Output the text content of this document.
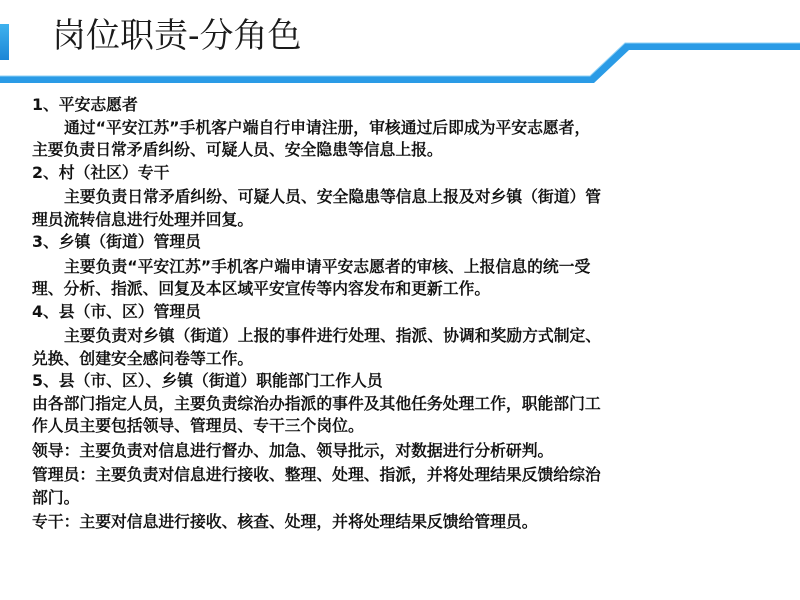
岗位职责-分角色
1、平安志愿者
通过“平安江苏”手机客户端自行申请注册，审核通过后即成为平安志愿者，
主要负责日常矛盾纠纷、可疑人员、安全隐患等信息上报。
2、村（社区）专干
主要负责日常矛盾纠纷、可疑人员、安全隐患等信息上报及对乡镇（街道）管
理员流转信息进行处理并回复。
3、乡镇（街道）管理员
主要负责“平安江苏”手机客户端申请平安志愿者的审核、上报信息的统一受
理、分析、指派、回复及本区域平安宣传等内容发布和更新工作。
4、县（市、区）管理员
主要负责对乡镇（街道）上报的事件进行处理、指派、协调和奖励方式制定、
兑换、创建安全感问卷等工作。
5、县（市、区）、乡镇（街道）职能部门工作人员
由各部门指定人员，主要负责综治办指派的事件及其他任务处理工作，职能部门工
作人员主要包括领导、管理员、专干三个岗位。
领导：主要负责对信息进行督办、加急、领导批示，对数据进行分析研判。
管理员：主要负责对信息进行接收、整理、处理、指派，并将处理结果反馈给综治
部门。
专干：主要对信息进行接收、核查、处理，并将处理结果反馈给管理员。
